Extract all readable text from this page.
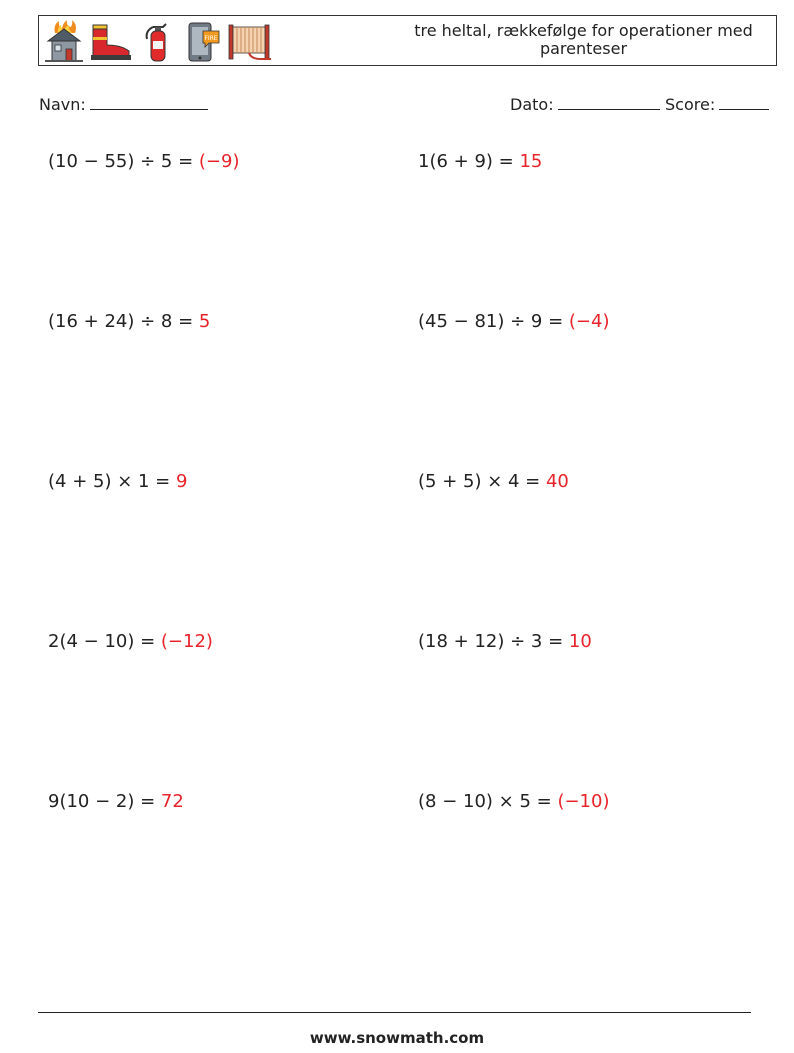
FIRE	tre heltal, rækkefølge for operationer med
parenteser
Navn:	Dato:	Score:
(10 − 55) ÷ 5 = (−9)	1(6 + 9) = 15
(16 + 24) ÷ 8 = 5	(45 − 81) ÷ 9 = (−4)
(4 + 5) × 1 = 9	(5 + 5) × 4 = 40
2(4 − 10) = (−12)	(18 + 12) ÷ 3 = 10
9(10 − 2) = 72	(8 − 10) × 5 = (−10)
www.snowmath.com
